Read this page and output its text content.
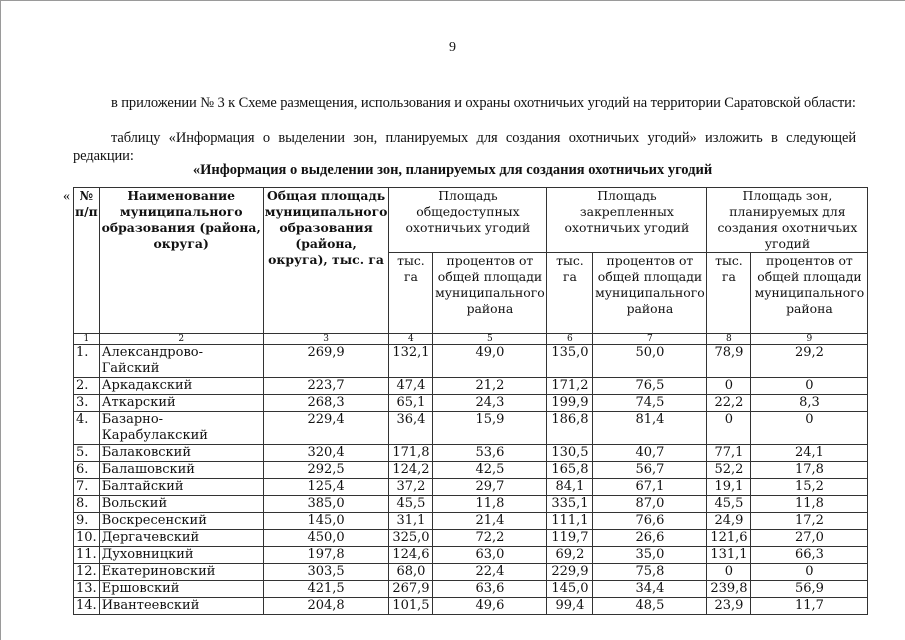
9
в приложении № 3 к Схеме размещения, использования и охраны охотничьих угодий на территории Саратовской области:
таблицу «Информация о выделении зон, планируемых для создания охотничьих угодий» изложить в следующей редакции:
«Информация о выделении зон, планируемых для создания охотничьих угодий
« № п/п	Наименование муниципального образования (района, округа)	Общая площадь муниципального образования (района, округа), тыс. га	Площадь общедоступных охотничьих угодий		Площадь закрепленных охотничьих угодий		Площадь зон, планируемых для создания охотничьих угодий	
			тыс. га	процентов от общей площади муниципального района	тыс. га	процентов от общей площади муниципального района	тыс. га	процентов от общей площади муниципального района
1	2	3	4	5	6	7	8	9
1.	Александрово-Гайский	269,9	132,1	49,0	135,0	50,0	78,9	29,2
2.	Аркадакский	223,7	47,4	21,2	171,2	76,5	0	0
3.	Аткарский	268,3	65,1	24,3	199,9	74,5	22,2	8,3
4.	Базарно-Карабулакский	229,4	36,4	15,9	186,8	81,4	0	0
5.	Балаковский	320,4	171,8	53,6	130,5	40,7	77,1	24,1
6.	Балашовский	292,5	124,2	42,5	165,8	56,7	52,2	17,8
7.	Балтайский	125,4	37,2	29,7	84,1	67,1	19,1	15,2
8.	Вольский	385,0	45,5	11,8	335,1	87,0	45,5	11,8
9.	Воскресенский	145,0	31,1	21,4	111,1	76,6	24,9	17,2
10.	Дергачевский	450,0	325,0	72,2	119,7	26,6	121,6	27,0
11.	Духовницкий	197,8	124,6	63,0	69,2	35,0	131,1	66,3
12.	Екатериновский	303,5	68,0	22,4	229,9	75,8	0	0
13.	Ершовский	421,5	267,9	63,6	145,0	34,4	239,8	56,9
14.	Ивантеевский	204,8	101,5	49,6	99,4	48,5	23,9	11,7
